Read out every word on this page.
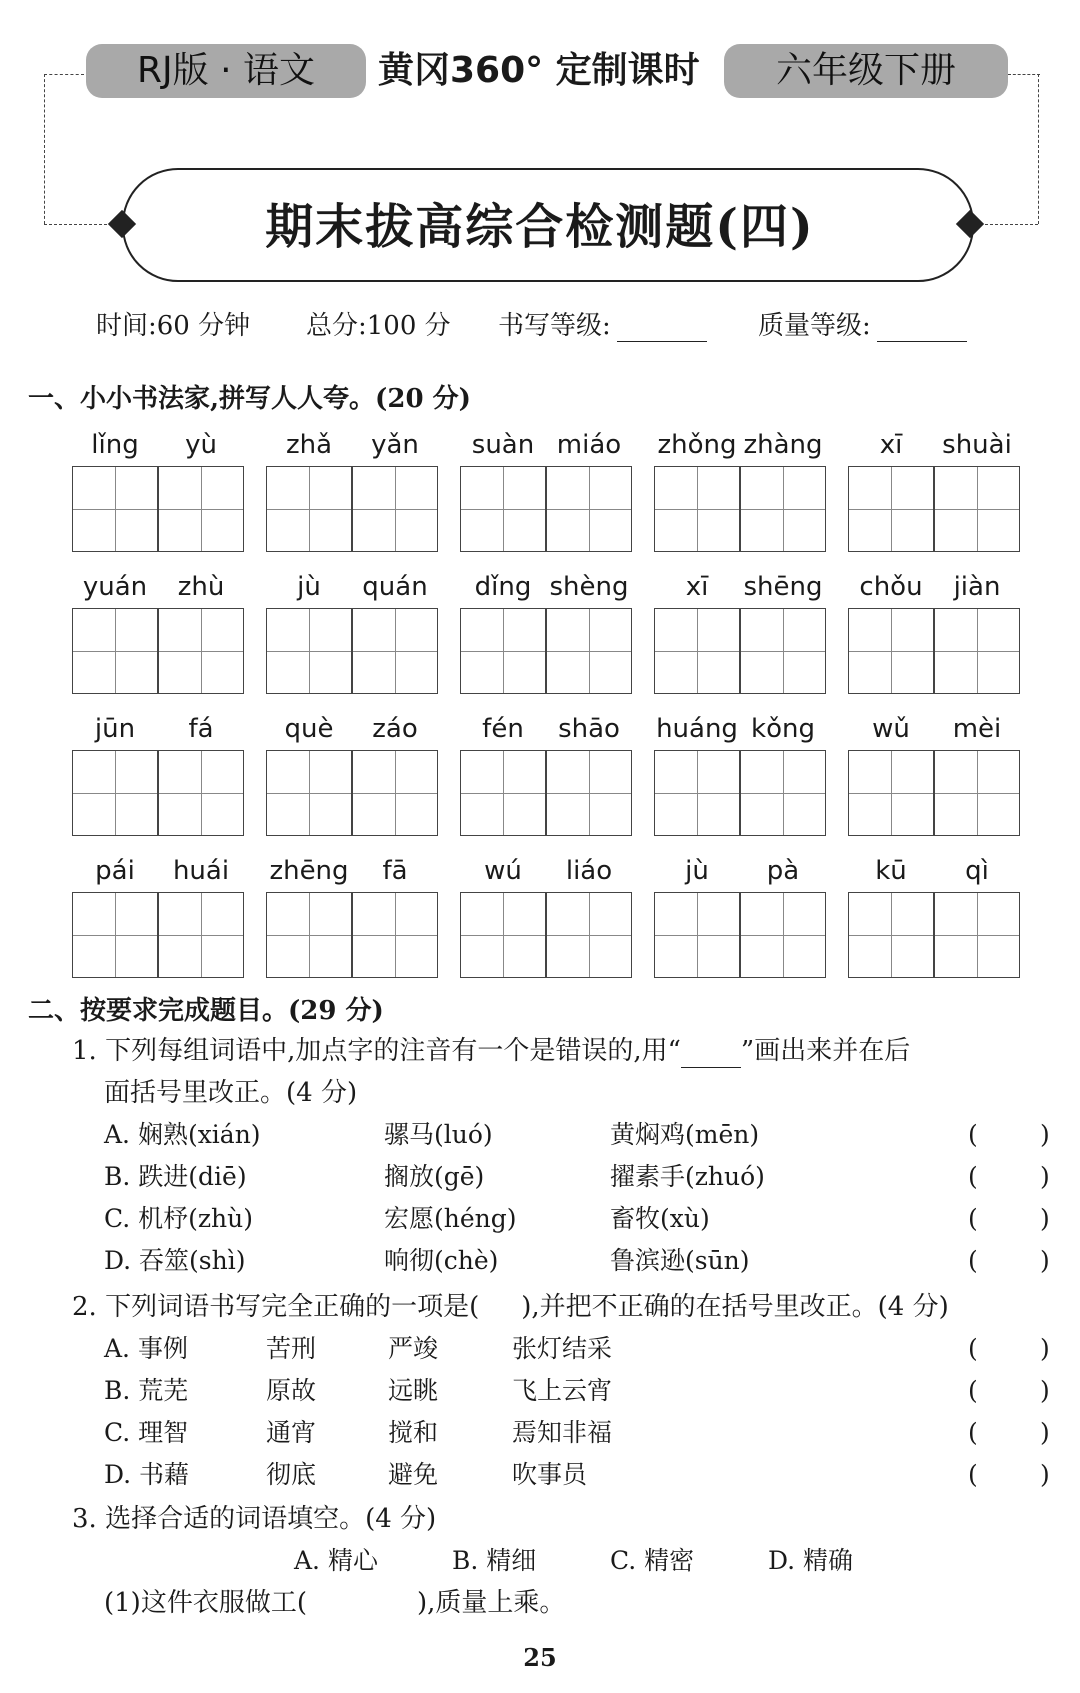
RJ版 · 语文	黄冈360° 定制课时	六年级下册
期末拔高综合检测题(四)
时间:60 分钟 总分:100 分 书写等级:	质量等级:
一、小小书法家,拼写人人夸。(20 分)
lǐng	yù	zhǎ	yǎn	suàn miáo	zhǒng zhàng	xī	shuài
yuán	zhù	jù	quán	dǐng shèng	xī	shēng	chǒu	jiàn
jūn	fá	què	záo	fén	shāo	huáng kǒng	wǔ	mèi
pái	huái	zhēng	fā	wú	liáo	jù	pà	kū	qì
二、按要求完成题目。(29 分)
1. 下列每组词语中,加点字的注音有一个是错误的,用“ ”画出来并在后
面括号里改正。(4 分)
A. 娴熟(xián)	骡马(luó)	黄焖鸡(mēn)	( )
B. 跌进(diē)	搁放(gē)	擢素手(zhuó)	( )
C. 机杼(zhù)	宏愿(héng)	畜牧(xù)	( )
D. 吞筮(shì)	响彻(chè)	鲁滨逊(sūn)	( )
2. 下列词语书写完全正确的一项是( ),并把不正确的在括号里改正。(4 分)
A. 事例	苦刑	严竣	张灯结采	( )
B. 荒芜	原故	远眺	飞上云宵	( )
C. 理智	通宵	搅和	焉知非福	( )
D. 书藉	彻底	避免	吹事员	( )
3. 选择合适的词语填空。(4 分)
A. 精心	B. 精细	C. 精密	D. 精确
(1)这件衣服做工(	),质量上乘。
25
